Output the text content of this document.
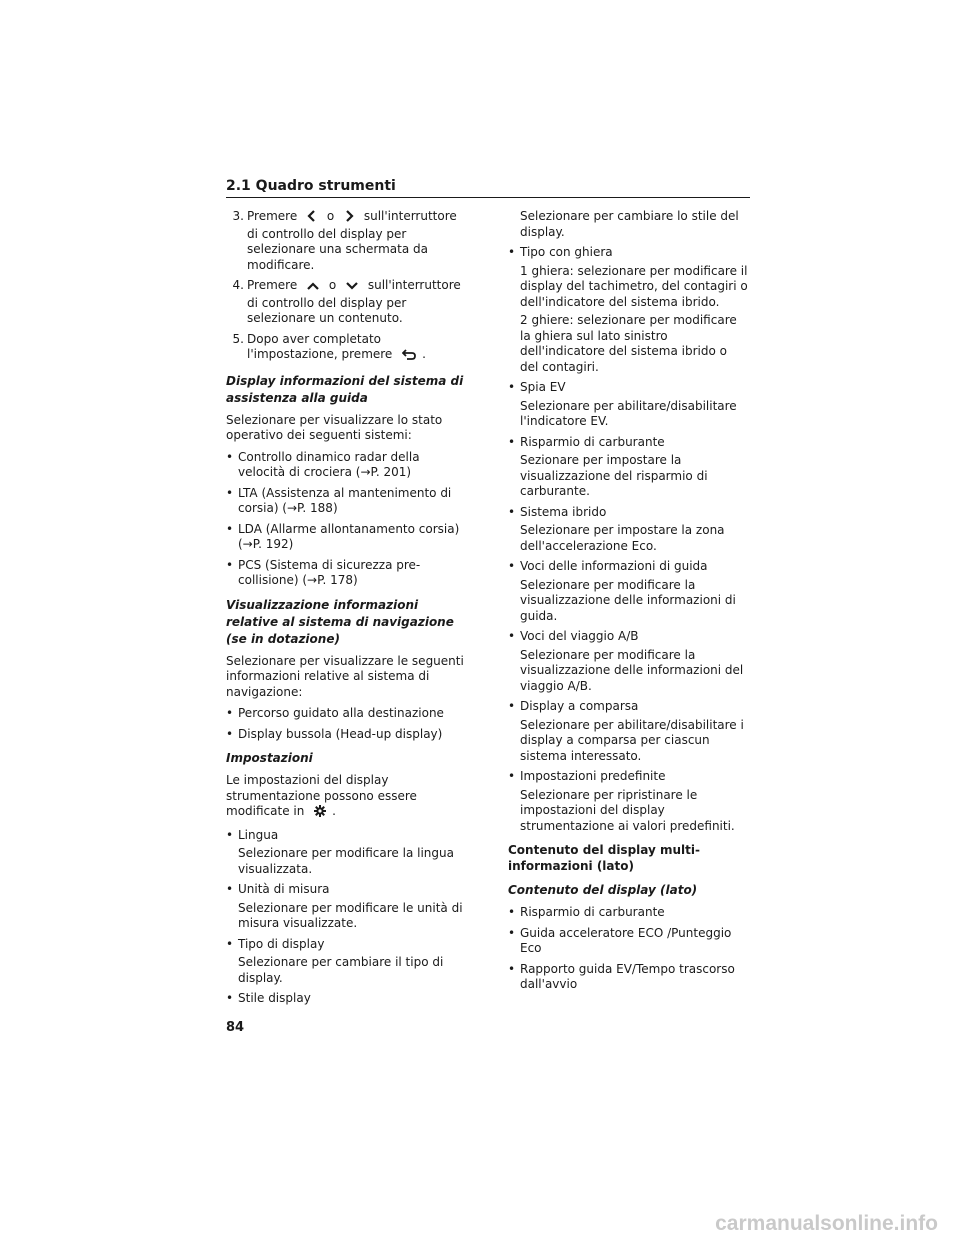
2.1 Quadro strumenti
3. Premere o sull'interruttore di controllo del display per selezionare una schermata da modificare.
4. Premere	o	sull'interruttore di controllo del display per selezionare un contenuto.
5. Dopo aver completato l'impostazione, premere .
Display informazioni del sistema di assistenza alla guida
Selezionare per visualizzare lo stato operativo dei seguenti sistemi:
• Controllo dinamico radar della velocità di crociera (→P. 201)
• LTA (Assistenza al mantenimento di corsia) (→P. 188)
• LDA (Allarme allontanamento corsia) (→P. 192)
• PCS (Sistema di sicurezza pre-collisione) (→P. 178)
Visualizzazione informazioni relative al sistema di navigazione (se in dotazione)
Selezionare per visualizzare le seguenti informazioni relative al sistema di navigazione:
• Percorso guidato alla destinazione
• Display bussola (Head-up display)
Impostazioni
Le impostazioni del display strumentazione possono essere modificate in .
• Lingua
Selezionare per modificare la lingua visualizzata.
• Unità di misura
Selezionare per modificare le unità di misura visualizzate.
• Tipo di display
Selezionare per cambiare il tipo di display.
• Stile display
Selezionare per cambiare lo stile del display.
• Tipo con ghiera
1 ghiera: selezionare per modificare il display del tachimetro, del contagiri o dell'indicatore del sistema ibrido.
2 ghiere: selezionare per modificare la ghiera sul lato sinistro dell'indicatore del sistema ibrido o del contagiri.
• Spia EV
Selezionare per abilitare/disabilitare l'indicatore EV.
• Risparmio di carburante
Sezionare per impostare la visualizzazione del risparmio di carburante.
• Sistema ibrido
Selezionare per impostare la zona dell'accelerazione Eco.
• Voci delle informazioni di guida
Selezionare per modificare la visualizzazione delle informazioni di guida.
• Voci del viaggio A/B
Selezionare per modificare la visualizzazione delle informazioni del viaggio A/B.
• Display a comparsa
Selezionare per abilitare/disabilitare i display a comparsa per ciascun sistema interessato.
• Impostazioni predefinite
Selezionare per ripristinare le impostazioni del display strumentazione ai valori predefiniti.
Contenuto del display multi-informazioni (lato)
Contenuto del display (lato)
• Risparmio di carburante
• Guida acceleratore ECO /Punteggio Eco
• Rapporto guida EV/Tempo trascorso dall'avvio
84
carmanualsonline.info
